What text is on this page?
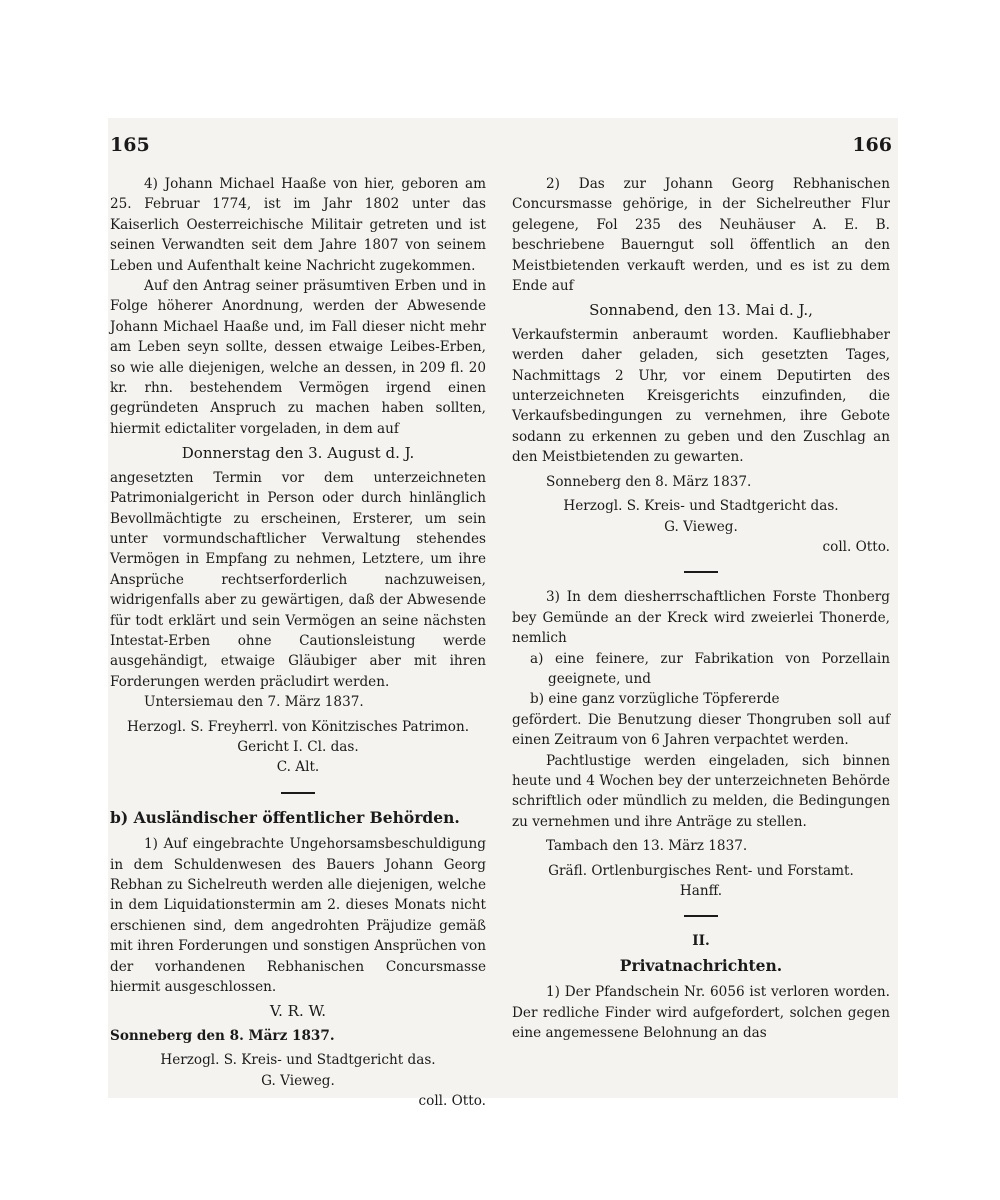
165	166

4) Johann Michael Haaße von hier, geboren am 25. Februar 1774, ist im Jahr 1802 unter das Kaiserlich Oesterreichische Militair getreten und ist seinen Verwandten seit dem Jahre 1807 von seinem Leben und Aufenthalt keine Nachricht zugekommen.

Auf den Antrag seiner präsumtiven Erben und in Folge höherer Anordnung, werden der Abwesende Johann Michael Haaße und, im Fall dieser nicht mehr am Leben seyn sollte, dessen etwaige Leibes-Erben, so wie alle diejenigen, welche an dessen, in 209 fl. 20 kr. rhn. bestehendem Vermögen irgend einen gegründeten Anspruch zu machen haben sollten, hiermit edictaliter vorgeladen, in dem auf

Donnerstag den 3. August d. J.

angesetzten Termin vor dem unterzeichneten Patrimonialgericht in Person oder durch hinlänglich Bevollmächtigte zu erscheinen, Ersterer, um sein unter vormundschaftlicher Verwaltung stehendes Vermögen in Empfang zu nehmen, Letztere, um ihre Ansprüche rechtserforderlich nachzuweisen, widrigenfalls aber zu gewärtigen, daß der Abwesende für todt erklärt und sein Vermögen an seine nächsten Intestat-Erben ohne Cautionsleistung werde ausgehändigt, etwaige Gläubiger aber mit ihren Forderungen werden präcludirt werden.

Untersiemau den 7. März 1837.

Herzogl. S. Freyherrl. von Könitzisches Patrimon. Gericht I. Cl. das.

C. Alt.

b) Ausländischer öffentlicher Behörden.

1) Auf eingebrachte Ungehorsamsbeschuldigung in dem Schuldenwesen des Bauers Johann Georg Rebhan zu Sichelreuth werden alle diejenigen, welche in dem Liquidationstermin am 2. dieses Monats nicht erschienen sind, dem angedrohten Präjudize gemäß mit ihren Forderungen und sonstigen Ansprüchen von der vorhandenen Rebhanischen Concursmasse hiermit ausgeschlossen.

V. R. W.

Sonneberg den 8. März 1837.

Herzogl. S. Kreis- und Stadtgericht das.

G. Vieweg.

coll. Otto.

2) Das zur Johann Georg Rebhanischen Concursmasse gehörige, in der Sichelreuther Flur gelegene, Fol 235 des Neuhäuser A. E. B. beschriebene Bauerngut soll öffentlich an den Meistbietenden verkauft werden, und es ist zu dem Ende auf

Sonnabend, den 13. Mai d. J.,

Verkaufstermin anberaumt worden. Kaufliebhaber werden daher geladen, sich gesetzten Tages, Nachmittags 2 Uhr, vor einem Deputirten des unterzeichneten Kreisgerichts einzufinden, die Verkaufsbedingungen zu vernehmen, ihre Gebote sodann zu erkennen zu geben und den Zuschlag an den Meistbietenden zu gewarten.

Sonneberg den 8. März 1837.

Herzogl. S. Kreis- und Stadtgericht das.

G. Vieweg.

coll. Otto.

3) In dem diesherrschaftlichen Forste Thonberg bey Gemünde an der Kreck wird zweierlei Thonerde, nemlich

a) eine feinere, zur Fabrikation von Porzellain geeignete, und

b) eine ganz vorzügliche Töpfererde

gefördert. Die Benutzung dieser Thongruben soll auf einen Zeitraum von 6 Jahren verpachtet werden.

Pachtlustige werden eingeladen, sich binnen heute und 4 Wochen bey der unterzeichneten Behörde schriftlich oder mündlich zu melden, die Bedingungen zu vernehmen und ihre Anträge zu stellen.

Tambach den 13. März 1837.

Gräfl. Ortlenburgisches Rent- und Forstamt.

Hanff.

II.

Privatnachrichten.

1) Der Pfandschein Nr. 6056 ist verloren worden. Der redliche Finder wird aufgefordert, solchen gegen eine angemessene Belohnung an das
